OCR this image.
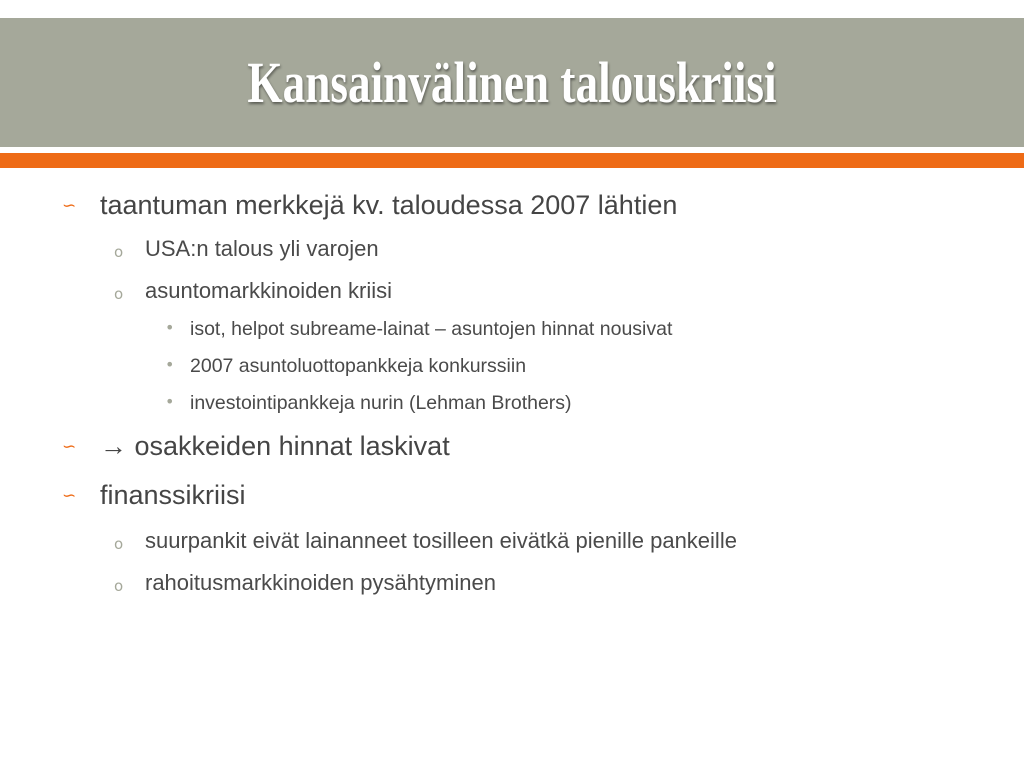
Kansainvälinen talouskriisi
∽ taantuman merkkejä kv. taloudessa 2007 lähtien
o USA:n talous yli varojen
o asuntomarkkinoiden kriisi
• isot, helpot subreame-lainat – asuntojen hinnat nousivat
• 2007 asuntoluottopankkeja konkurssiin
• investointipankkeja nurin (Lehman Brothers)
∽ → osakkeiden hinnat laskivat
∽ finanssikriisi
o suurpankit eivät lainanneet tosilleen eivätkä pienille pankeille
o rahoitusmarkkinoiden pysähtyminen
